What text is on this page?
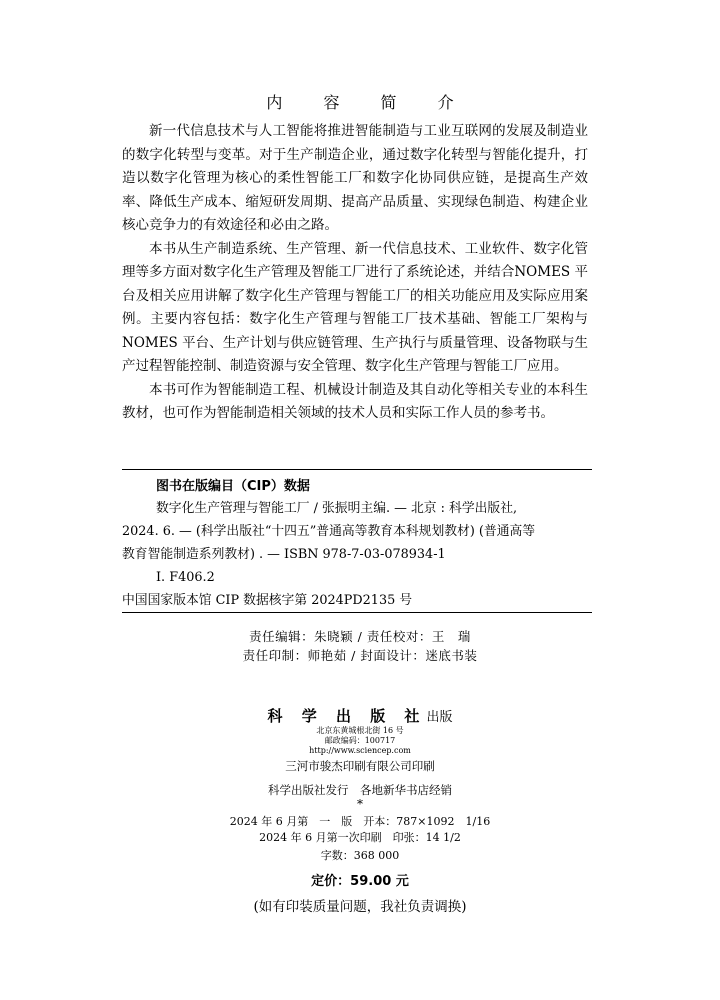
内 容 简 介

新一代信息技术与人工智能将推进智能制造与工业互联网的发展及制造业的数字化转型与变革。对于生产制造企业，通过数字化转型与智能化提升，打造以数字化管理为核心的柔性智能工厂和数字化协同供应链，是提高生产效率、降低生产成本、缩短研发周期、提高产品质量、实现绿色制造、构建企业核心竞争力的有效途径和必由之路。

本书从生产制造系统、生产管理、新一代信息技术、工业软件、数字化管理等多方面对数字化生产管理及智能工厂进行了系统论述，并结合NOMES 平台及相关应用讲解了数字化生产管理与智能工厂的相关功能应用及实际应用案例。主要内容包括：数字化生产管理与智能工厂技术基础、智能工厂架构与 NOMES 平台、生产计划与供应链管理、生产执行与质量管理、设备物联与生产过程智能控制、制造资源与安全管理、数字化生产管理与智能工厂应用。

本书可作为智能制造工程、机械设计制造及其自动化等相关专业的本科生教材，也可作为智能制造相关领域的技术人员和实际工作人员的参考书。

图书在版编目（CIP）数据
数字化生产管理与智能工厂 / 张振明主编. — 北京 : 科学出版社,
2024. 6. — (科学出版社“十四五”普通高等教育本科规划教材) (普通高等
教育智能制造系列教材) . — ISBN 978-7-03-078934-1
Ⅰ. F406.2
中国国家版本馆 CIP 数据核字第 2024PD2135 号
责任编辑：朱晓颖 / 责任校对：王　瑞
责任印制：师艳茹 / 封面设计：迷底书装
科 学 出 版 社出版
北京东黄城根北街 16 号
邮政编码：100717
http://www.sciencep.com
三河市骏杰印刷有限公司印刷
科学出版社发行　各地新华书店经销
*
2024 年 6 月第　一　版　开本：787×1092　1/16
2024 年 6 月第一次印刷　印张：14 1/2
字数：368 000
定价：59.00 元
(如有印装质量问题，我社负责调换)
